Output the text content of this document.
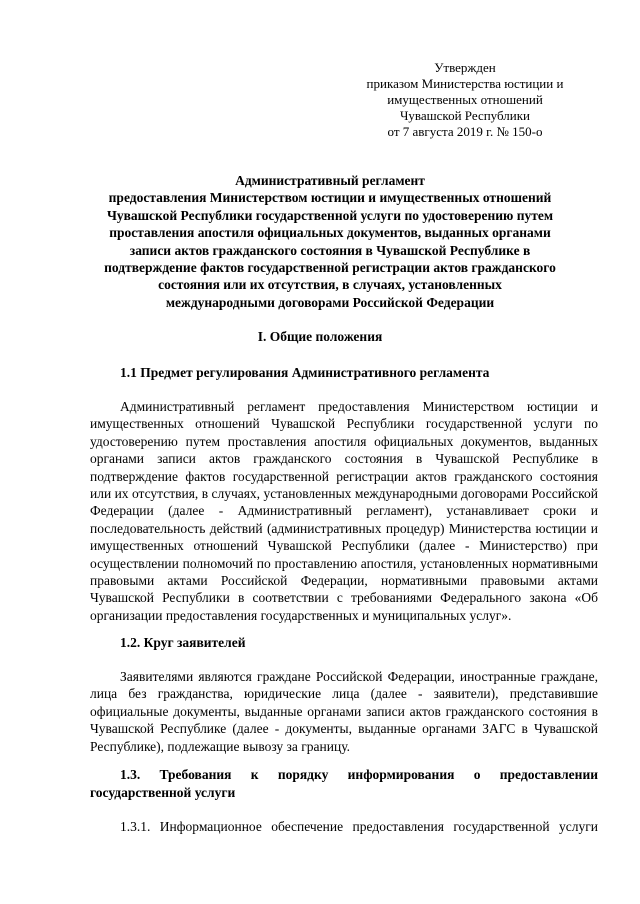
Утвержден
приказом Министерства юстиции и
имущественных отношений
Чувашской Республики
от 7 августа 2019 г. № 150-о
Административный регламент
предоставления Министерством юстиции и имущественных отношений
Чувашской Республики государственной услуги по удостоверению путем
проставления апостиля официальных документов, выданных органами
записи актов гражданского состояния в Чувашской Республике в
подтверждение фактов государственной регистрации актов гражданского
состояния или их отсутствия, в случаях, установленных
международными договорами Российской Федерации
I. Общие положения
1.1 Предмет регулирования Административного регламента

Административный регламент предоставления Министерством юстиции и имущественных отношений Чувашской Республики государственной услуги по удостоверению путем проставления апостиля официальных документов, выданных органами записи актов гражданского состояния в Чувашской Республике в подтверждение фактов государственной регистрации актов гражданского состояния или их отсутствия, в случаях, установленных международными договорами Российской Федерации (далее - Административный регламент), устанавливает сроки и последовательность действий (административных процедур) Министерства юстиции и имущественных отношений Чувашской Республики (далее - Министерство) при осуществлении полномочий по проставлению апостиля, установленных нормативными правовыми актами Российской Федерации, нормативными правовыми актами Чувашской Республики в соответствии с требованиями Федерального закона «Об организации предоставления государственных и муниципальных услуг».

1.2. Круг заявителей

Заявителями являются граждане Российской Федерации, иностранные граждане, лица без гражданства, юридические лица (далее - заявители), представившие официальные документы, выданные органами записи актов гражданского состояния в Чувашской Республике (далее - документы, выданные органами ЗАГС в Чувашской Республике), подлежащие вывозу за границу.

1.3. Требования к порядку информирования о предоставлении государственной услуги

1.3.1. Информационное обеспечение предоставления государственной услуги
